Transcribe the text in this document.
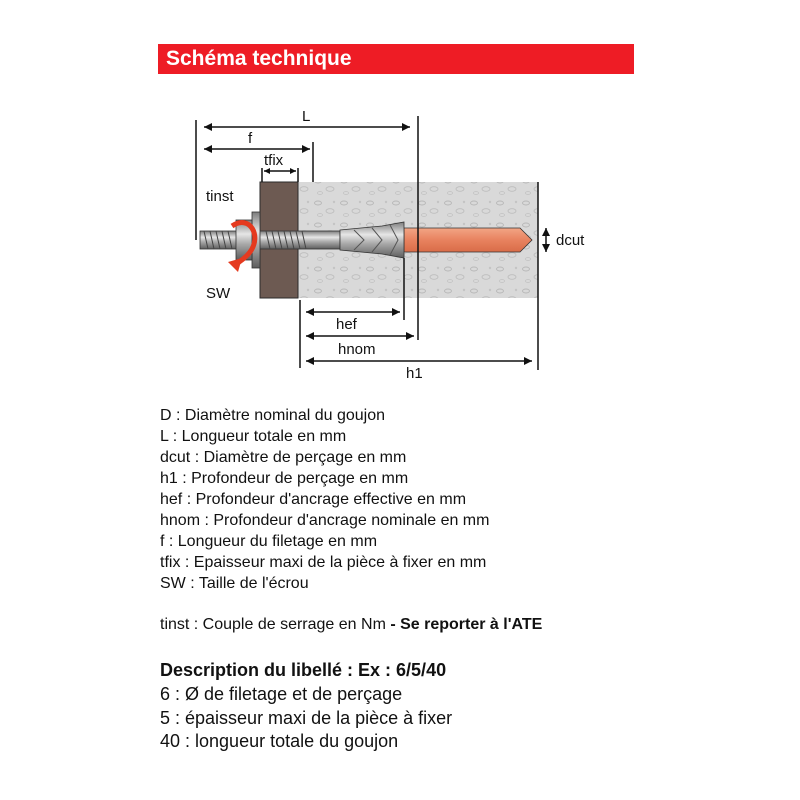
Schéma technique
L
f
tfix
tinst
SW
dcut
hef
hnom
h1
D : Diamètre nominal du goujon
L : Longueur totale en mm
dcut : Diamètre de perçage en mm
h1 : Profondeur de perçage en mm
hef : Profondeur d'ancrage effective en mm
hnom : Profondeur d'ancrage nominale en mm
f : Longueur du filetage en mm
tfix : Epaisseur maxi de la pièce à fixer en mm
SW : Taille de l'écrou
tinst : Couple de serrage en Nm - Se reporter à l'ATE
Description du libellé : Ex : 6/5/40
6 : Ø de filetage et de perçage
5 : épaisseur maxi de la pièce à fixer
40 : longueur totale du goujon
